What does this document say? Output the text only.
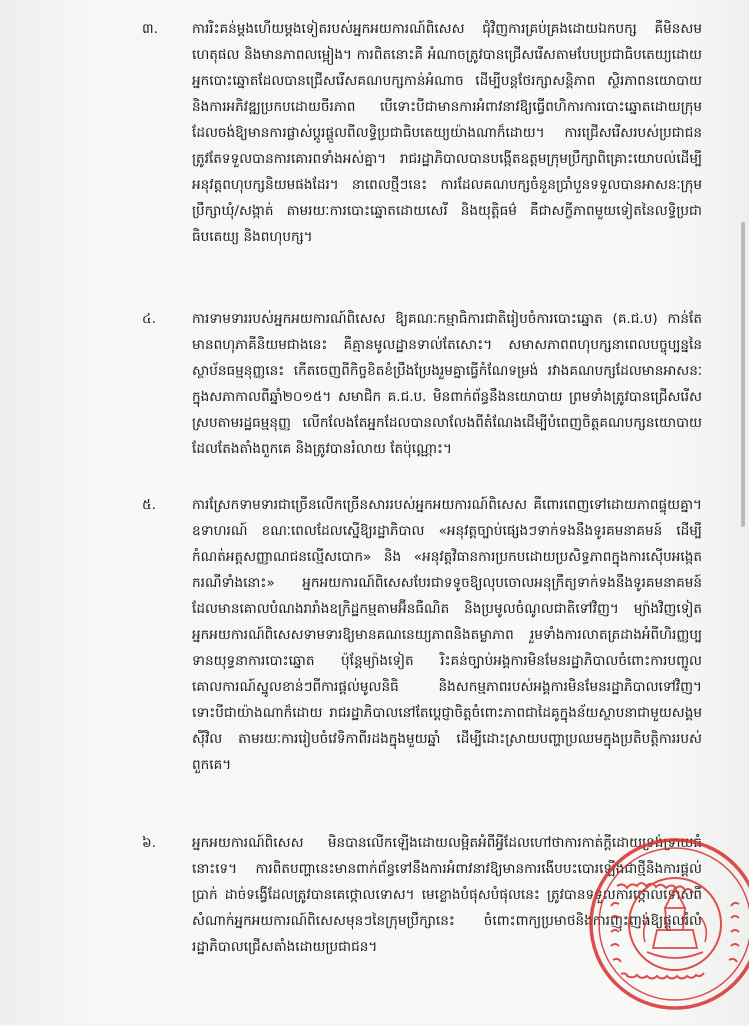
៣.	ការរិះគន់ម្ដងហើយម្ដងទៀតរបស់អ្នកអយការណ៍ពិសេស ជុំវិញការគ្រប់គ្រងដោយឯកបក្ស គឺមិនសមហេតុផល និងមានភាពលម្អៀង។ ការពិតនោះគឺ អំណាចត្រូវបានជ្រើសរើសតាមបែបប្រជាធិបតេយ្យដោយអ្នកបោះឆ្នោតដែលបានជ្រើសរើសគណបក្សកាន់អំណាច ដើម្បីបន្តថែរក្សាសន្តិភាព ស្ថិរភាពនយោបាយ និងការអភិវឌ្ឍប្រកបដោយចីរភាព បើទោះបីជាមានការអំពាវនាវឱ្យធ្វើពហិការការបោះឆ្នោតដោយក្រុមដែលចង់ឱ្យមានការផ្លាស់ប្ដូរផ្ដួលពីលទ្ធិប្រជាធិបតេយ្យយ៉ាងណាក៏ដោយ។ ការជ្រើសរើសរបស់ប្រជាជនត្រូវតែទទួលបានការគោរពទាំងអស់គ្នា។ រាជរដ្ឋាភិបាលបានបង្កើតឧត្តមក្រុមប្រឹក្សាពិគ្រោះយោបល់ដើម្បីអនុវត្តពហុបក្សនិយមផងដែរ។ នាពេលថ្មីៗនេះ ការដែលគណបក្សចំនួនប្រាំបួនទទួលបានអាសនៈក្រុមប្រឹក្សាឃុំ/សង្កាត់ តាមរយៈការបោះឆ្នោតដោយសេរី និងយុត្តិធម៌ គឺជាសក្ខីភាពមួយទៀតនៃលទ្ធិប្រជាធិបតេយ្យ និងពហុបក្ស។
៤.	ការទាមទាររបស់អ្នកអយការណ៍ពិសេស ឱ្យគណៈកម្មាធិការជាតិរៀបចំការបោះឆ្នោត (គ.ជ.ប) កាន់តែមានពហុភាគីនិយមជាងនេះ គឺគ្មានមូលដ្ឋានទាល់តែសោះ។ សមាសភាពពហុបក្សនាពេលបច្ចុប្បន្ននៃស្ថាប័នធម្មនុញ្ញនេះ កើតចេញពីកិច្ចខិតខំប្រឹងប្រែងរួមគ្នាធ្វើកំណែទម្រង់ រវាងគណបក្សដែលមានអាសនៈក្នុងសភាកាលពីឆ្នាំ២០១៥។ សមាជិក គ.ជ.ប. មិនពាក់ព័ន្ធនឹងនយោបាយ ព្រមទាំងត្រូវបានជ្រើសរើសស្របតាមរដ្ឋធម្មនុញ្ញ លើកលែងតែអ្នកដែលបានលាលែងពីតំណែងដើម្បីបំពេញចិត្តគណបក្សនយោបាយដែលតែងតាំងពួកគេ និងត្រូវបានរំលាយ តែប៉ុណ្ណោះ។
៥.	ការស្រែកទាមទារជាច្រើនលើកច្រើនសាររបស់អ្នកអយការណ៍ពិសេស គឺពោរពេញទៅដោយភាពផ្ទុយគ្នា។ ឧទាហរណ៍ ខណៈពេលដែលស្នើឱ្យរដ្ឋាភិបាល «អនុវត្តច្បាប់ផ្សេងៗទាក់ទងនឹងទូរគមនាគមន៍ ដើម្បីកំណត់អត្តសញ្ញាណជនល្មើសបោក» និង «អនុវត្តវិធានការប្រកបដោយប្រសិទ្ធភាពក្នុងការស៊ើបអង្កេតករណីទាំងនោះ» អ្នកអយការណ៍ពិសេសបែរជាទទូចឱ្យលុបចោលអនុក្រឹត្យទាក់ទងនឹងទូរគមនាគមន៍ដែលមានគោលបំណងរារាំងឧក្រិដ្ឋកម្មតាមអ៊ីនធឺណិត និងប្រមូលចំណូលជាតិទៅវិញ។ ម្យ៉ាងវិញទៀត អ្នកអយការណ៍ពិសេសទាមទារឱ្យមានគណនេយ្យភាពនិងតម្លាភាព រួមទាំងការលាតត្រដាងអំពីហិរញ្ញប្បទានយុទ្ធនាការបោះឆ្នោត ប៉ុន្តែម្យ៉ាងទៀត រិះគន់ច្បាប់អង្គការមិនមែនរដ្ឋាភិបាលចំពោះការបញ្ចូលគោលការណ៍ស្នូលខាន់ៗពីការផ្ដល់មូលនិធិ និងសកម្មភាពរបស់អង្គការមិនមែនរដ្ឋាភិបាលទៅវិញ។ ទោះបីជាយ៉ាងណាក៏ដោយ រាជរដ្ឋាភិបាលនៅតែប្ដេជ្ញាចិត្តចំពោះភាពជាដៃគូក្នុងន័យស្ថាបនាជាមួយសង្គមស៊ីវិល តាមរយៈការរៀបចំវេទិកាពីរដងក្នុងមួយឆ្នាំ ដើម្បីដោះស្រាយបញ្ហាប្រឈមក្នុងប្រតិបត្តិការរបស់ពួកគេ។
៦.	អ្នកអយការណ៍ពិសេស មិនបានលើកឡើងដោយលម្អិតអំពីអ្វីដែលហៅថាការកាត់ក្ដីដោយទ្រង់ទ្រាយធំនោះទេ។ ការពិតបញ្ហានេះមានពាក់ព័ន្ធទៅនឹងការអំពាវនាវឱ្យមានការងើបបះបោរឡើងជាថ្មីនិងការផ្ដល់ប្រាក់ ដាច់ទង្វើដែលត្រូវបានគេថ្កោលទោស។ មេខ្លោងបំផុសបំផុលនេះ ត្រូវបានទទួលការថ្កោលទោសពីសំណាក់អ្នកអយការណ៍ពិសេសមុនៗនៃក្រុមប្រឹក្សានេះ ចំពោះពាក្យប្រមាថនិងការញុះញង់ឱ្យផ្ដួលរំលំរដ្ឋាភិបាលជ្រើសតាំងដោយប្រជាជន។
